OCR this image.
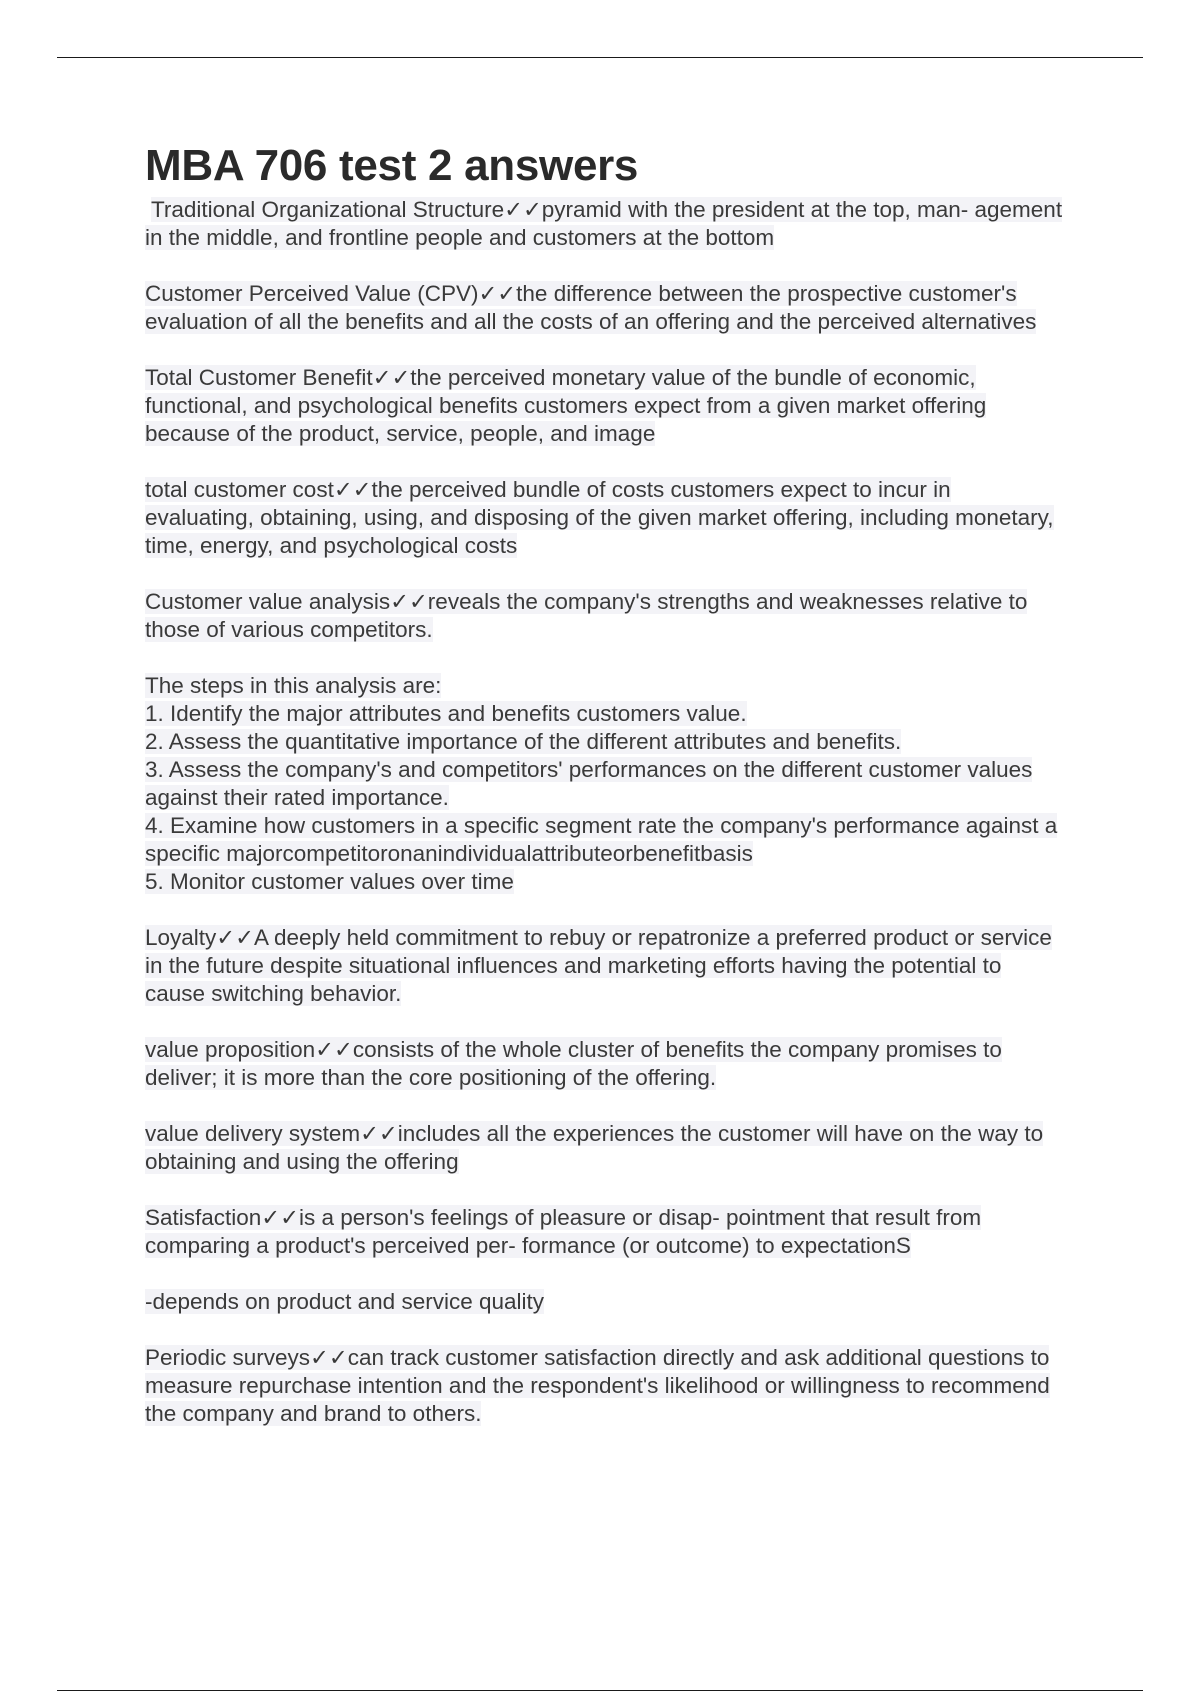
MBA 706 test 2 answers

Traditional Organizational Structure✓✓pyramid with the president at the top, man- agement in the middle, and frontline people and customers at the bottom

Customer Perceived Value (CPV)✓✓the difference between the prospective customer's evaluation of all the benefits and all the costs of an offering and the perceived alternatives

Total Customer Benefit✓✓the perceived monetary value of the bundle of economic, functional, and psychological benefits customers expect from a given market offering because of the product, service, people, and image

total customer cost✓✓the perceived bundle of costs customers expect to incur in evaluating, obtaining, using, and disposing of the given market offering, including monetary, time, energy, and psychological costs

Customer value analysis✓✓reveals the company's strengths and weaknesses relative to those of various competitors.

The steps in this analysis are:
1. Identify the major attributes and benefits customers value.
2. Assess the quantitative importance of the different attributes and benefits.
3. Assess the company's and competitors' performances on the different customer values against their rated importance.
4. Examine how customers in a specific segment rate the company's performance against a specific majorcompetitoronanindividualattributeorbenefitbasis
5. Monitor customer values over time

Loyalty✓✓A deeply held commitment to rebuy or repatronize a preferred product or service in the future despite situational influences and marketing efforts having the potential to cause switching behavior.

value proposition✓✓consists of the whole cluster of benefits the company promises to deliver; it is more than the core positioning of the offering.

value delivery system✓✓includes all the experiences the customer will have on the way to obtaining and using the offering

Satisfaction✓✓is a person's feelings of pleasure or disap- pointment that result from comparing a product's perceived per- formance (or outcome) to expectationS

-depends on product and service quality

Periodic surveys✓✓can track customer satisfaction directly and ask additional questions to measure repurchase intention and the respondent's likelihood or willingness to recommend the company and brand to others.
